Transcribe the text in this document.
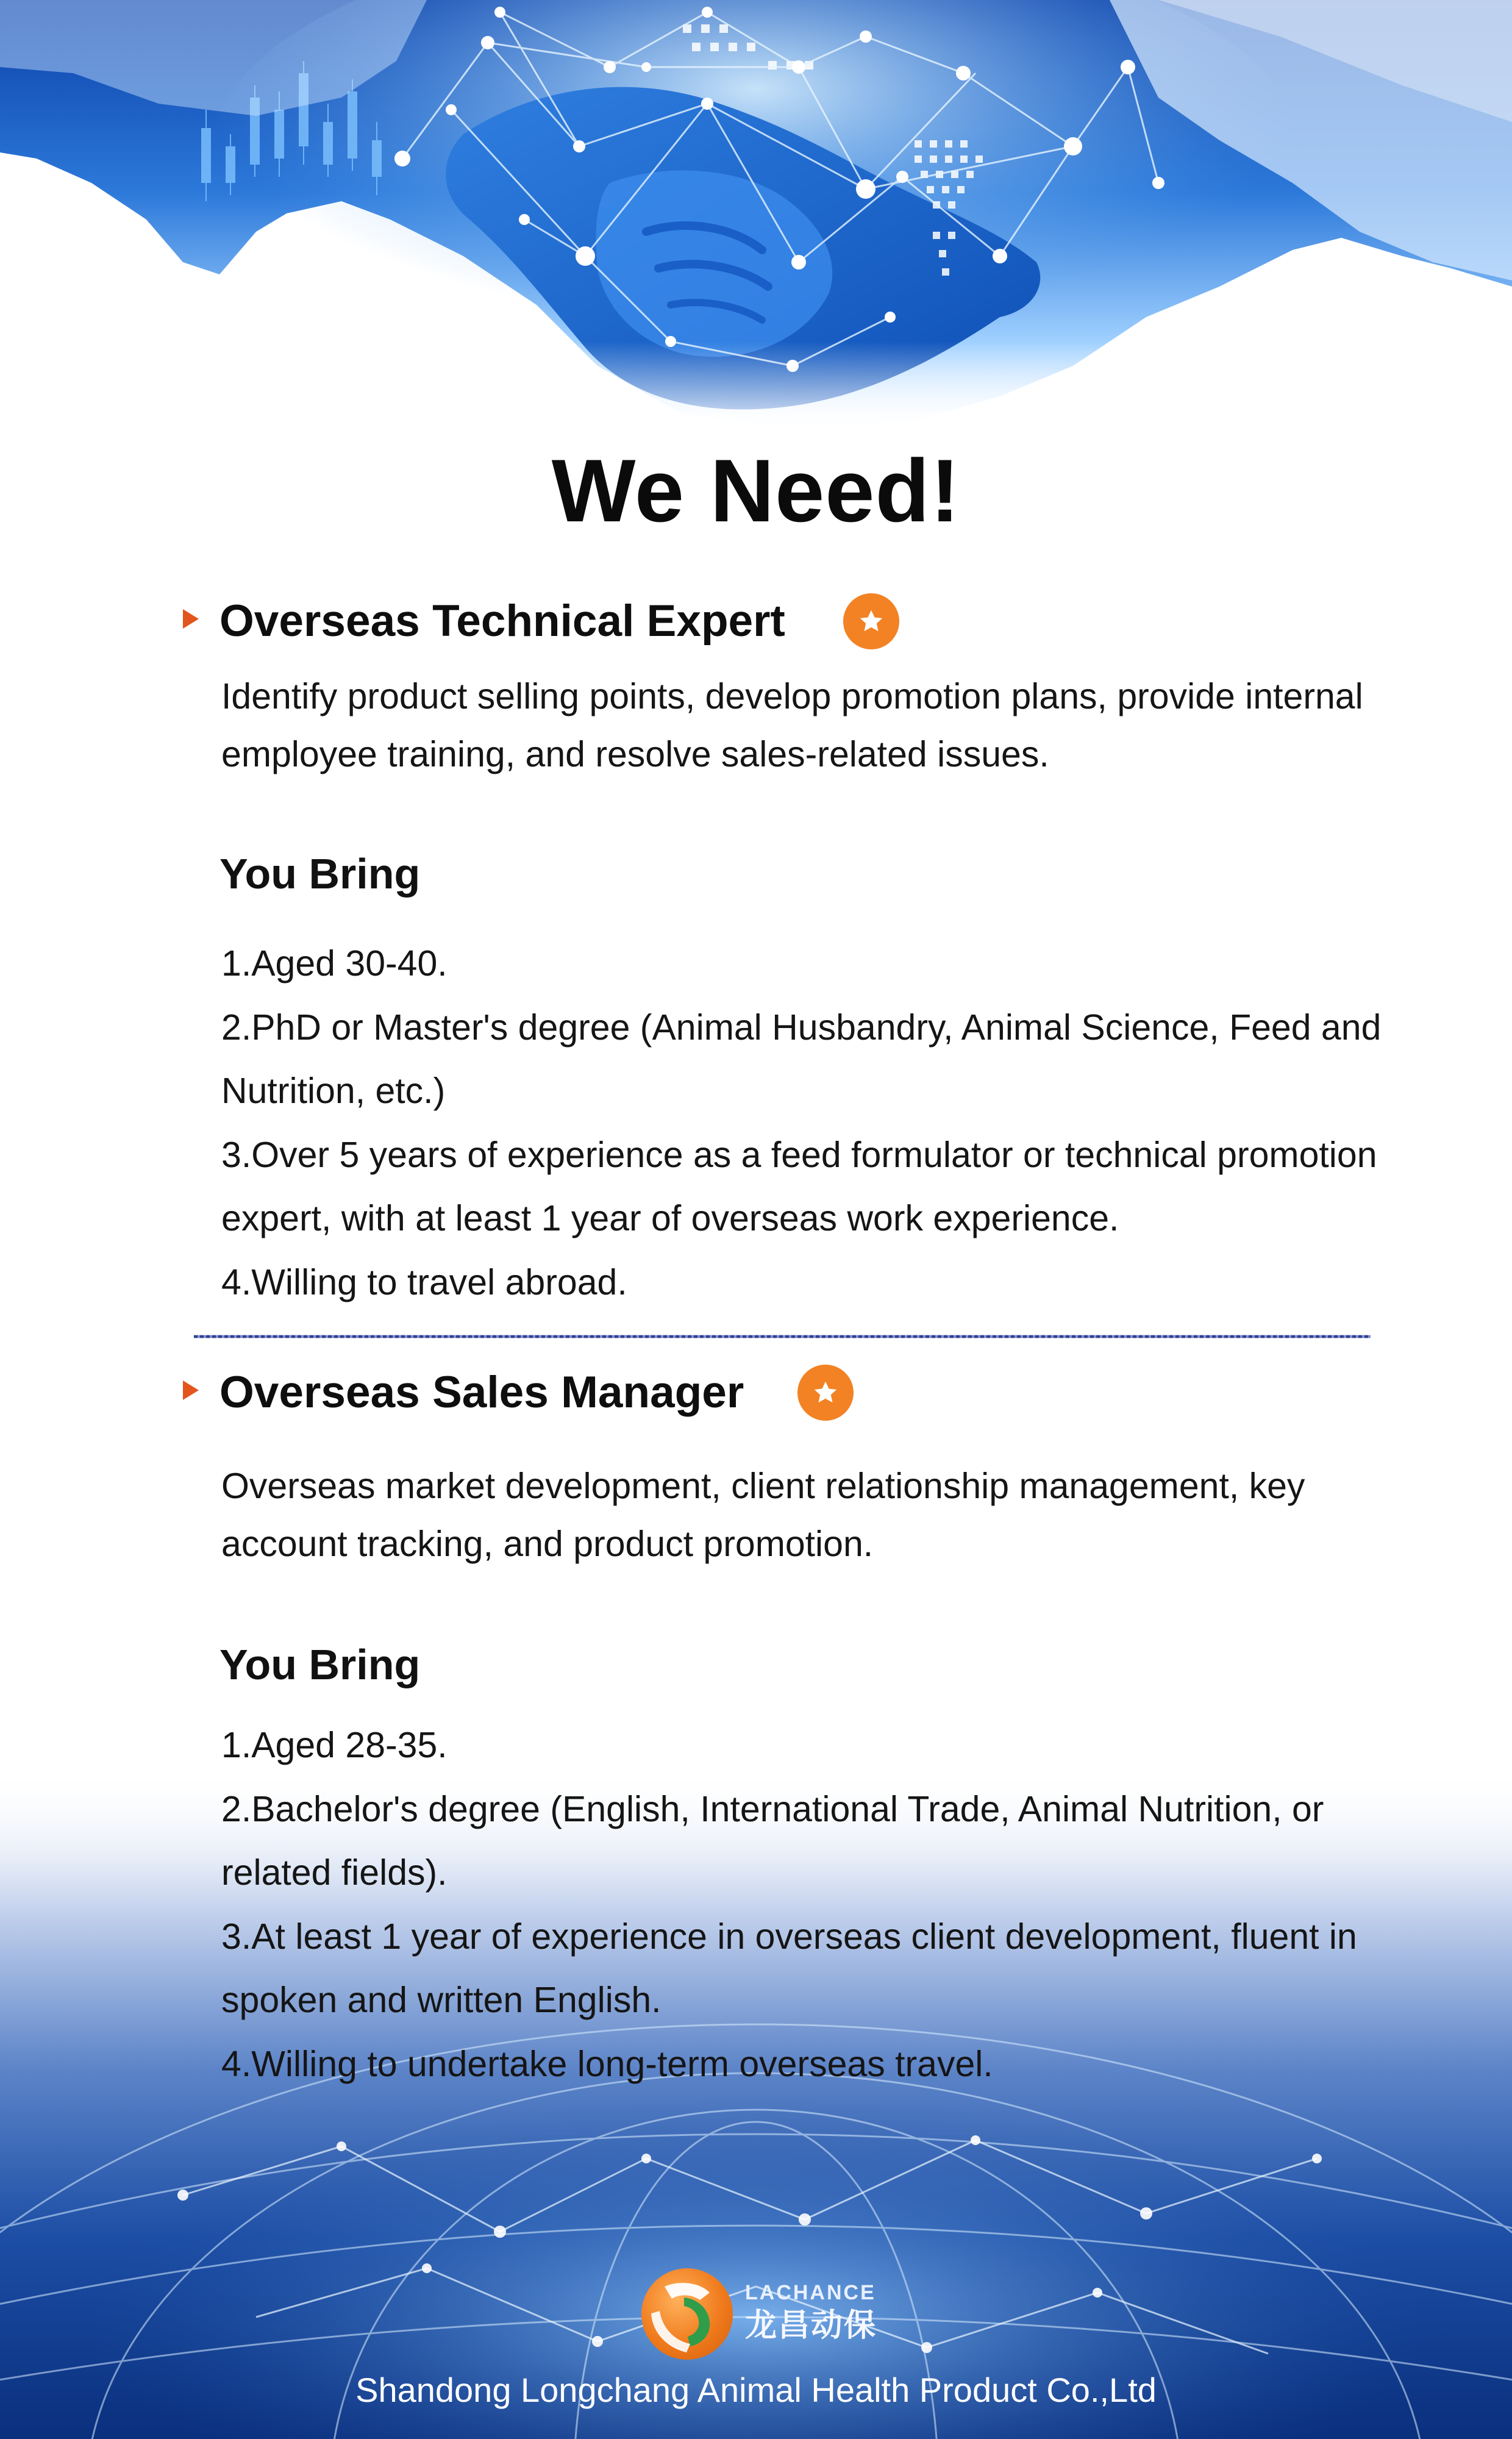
We Need!
Overseas Technical Expert

Identify product selling points, develop promotion plans, provide internal employee training, and resolve sales-related issues.

You Bring
1.Aged 30-40.
2.PhD or Master's degree (Animal Husbandry, Animal Science, Feed and Nutrition, etc.)
3.Over 5 years of experience as a feed formulator or technical promotion expert, with at least 1 year of overseas work experience.
4.Willing to travel abroad.
Overseas Sales Manager

Overseas market development, client relationship management, key account tracking, and product promotion.

You Bring
1.Aged 28-35.
2.Bachelor's degree (English, International Trade, Animal Nutrition, or related fields).
3.At least 1 year of experience in overseas client development, fluent in spoken and written English.
4.Willing to undertake long-term overseas travel.
LACHANCE
龙昌动保
Shandong Longchang Animal Health Product Co.,Ltd
